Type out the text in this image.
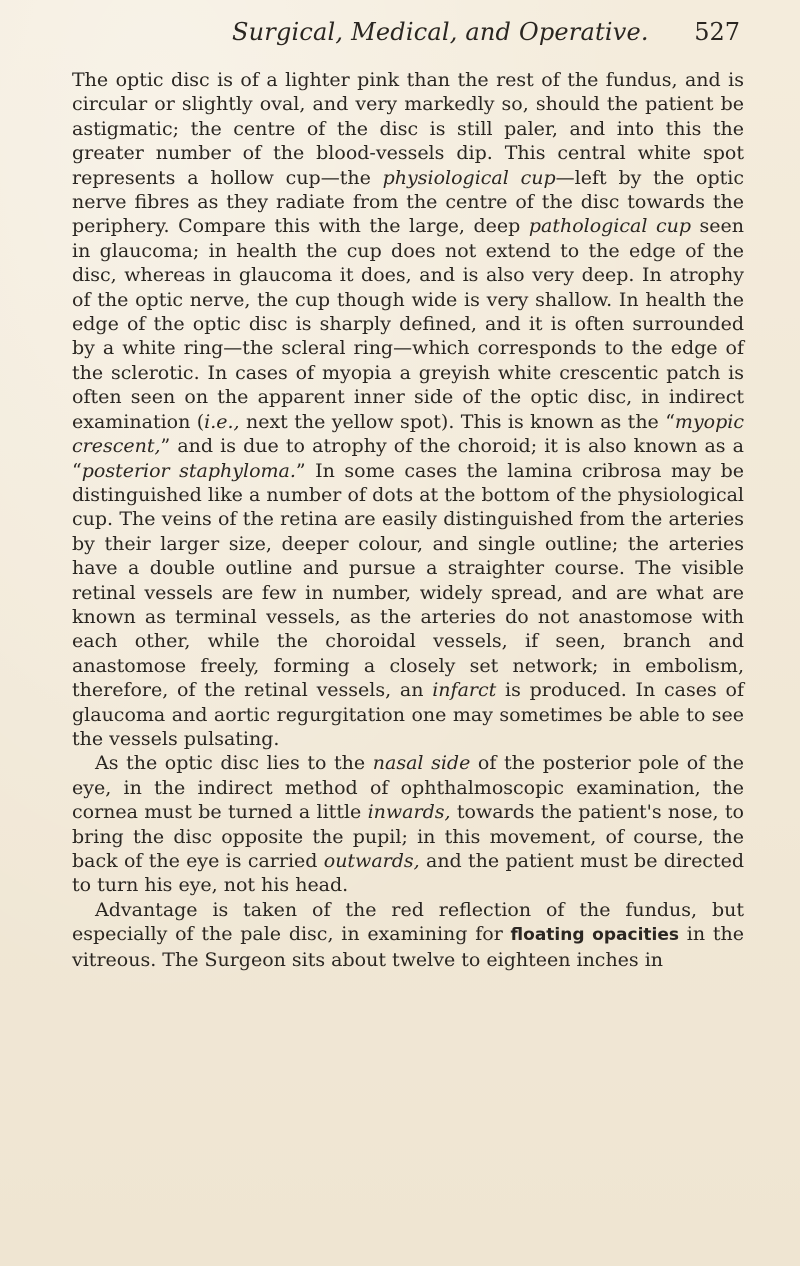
Surgical, Medical, and Operative. 527

The optic disc is of a lighter pink than the rest of the fundus, and is circular or slightly oval, and very markedly so, should the patient be astigmatic; the centre of the disc is still paler, and into this the greater number of the blood-vessels dip. This central white spot represents a hollow cup—the physiological cup—left by the optic nerve fibres as they radiate from the centre of the disc towards the periphery. Compare this with the large, deep pathological cup seen in glaucoma; in health the cup does not extend to the edge of the disc, whereas in glaucoma it does, and is also very deep. In atrophy of the optic nerve, the cup though wide is very shallow. In health the edge of the optic disc is sharply defined, and it is often surrounded by a white ring—the scleral ring—which corresponds to the edge of the sclerotic. In cases of myopia a greyish white crescentic patch is often seen on the apparent inner side of the optic disc, in indirect examination (i.e., next the yellow spot). This is known as the “myopic crescent,” and is due to atrophy of the choroid; it is also known as a “posterior staphyloma.” In some cases the lamina cribrosa may be distinguished like a number of dots at the bottom of the physiological cup. The veins of the retina are easily distinguished from the arteries by their larger size, deeper colour, and single outline; the arteries have a double outline and pursue a straighter course. The visible retinal vessels are few in number, widely spread, and are what are known as terminal vessels, as the arteries do not anastomose with each other, while the choroidal vessels, if seen, branch and anastomose freely, forming a closely set network; in embolism, therefore, of the retinal vessels, an infarct is produced. In cases of glaucoma and aortic regurgitation one may sometimes be able to see the vessels pulsating.

As the optic disc lies to the nasal side of the posterior pole of the eye, in the indirect method of ophthalmoscopic examination, the cornea must be turned a little inwards, towards the patient's nose, to bring the disc opposite the pupil; in this movement, of course, the back of the eye is carried outwards, and the patient must be directed to turn his eye, not his head.

Advantage is taken of the red reflection of the fundus, but especially of the pale disc, in examining for floating opacities in the vitreous. The Surgeon sits about twelve to eighteen inches in
